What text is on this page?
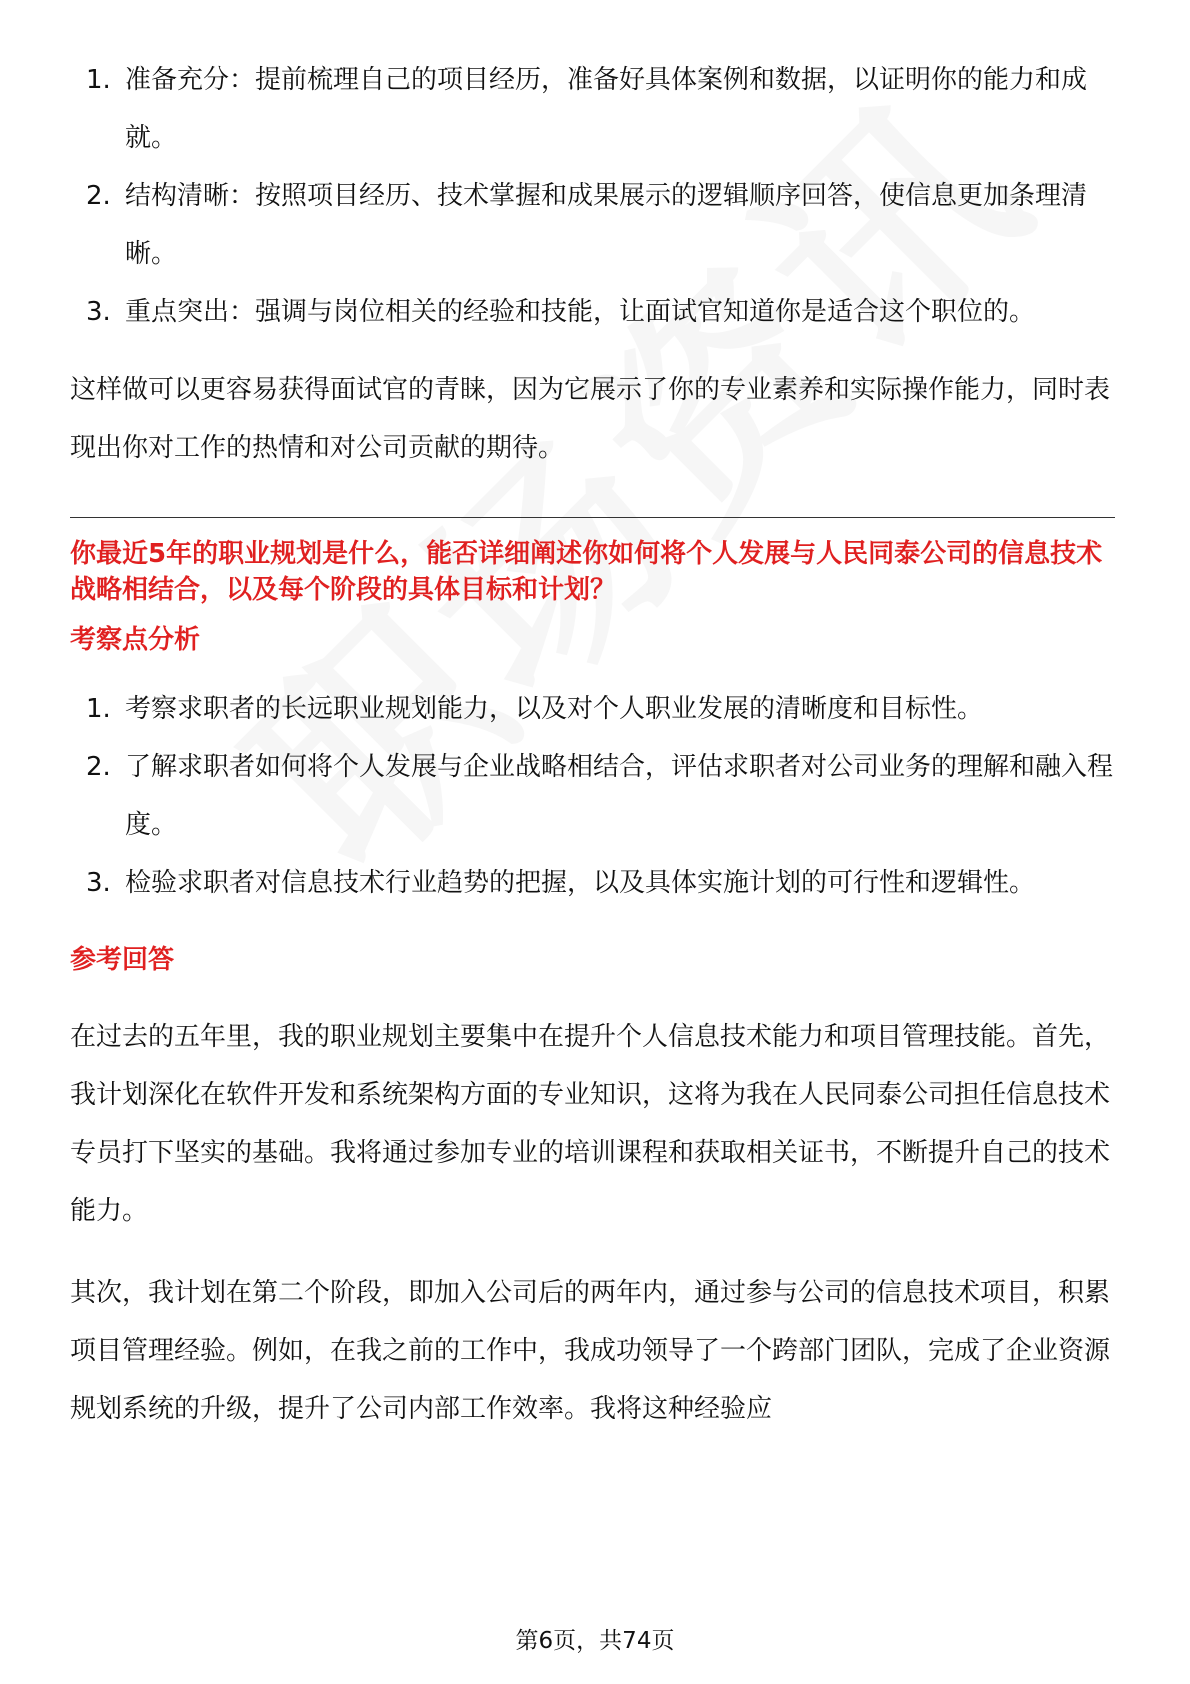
1. 准备充分：提前梳理自己的项目经历，准备好具体案例和数据，以证明你的能力和成就。
2. 结构清晰：按照项目经历、技术掌握和成果展示的逻辑顺序回答，使信息更加条理清晰。
3. 重点突出：强调与岗位相关的经验和技能，让面试官知道你是适合这个职位的。

这样做可以更容易获得面试官的青睐，因为它展示了你的专业素养和实际操作能力，同时表现出你对工作的热情和对公司贡献的期待。

你最近5年的职业规划是什么，能否详细阐述你如何将个人发展与人民同泰公司的信息技术战略相结合，以及每个阶段的具体目标和计划？

考察点分析

1. 考察求职者的长远职业规划能力，以及对个人职业发展的清晰度和目标性。
2. 了解求职者如何将个人发展与企业战略相结合，评估求职者对公司业务的理解和融入程度。
3. 检验求职者对信息技术行业趋势的把握，以及具体实施计划的可行性和逻辑性。

参考回答

在过去的五年里，我的职业规划主要集中在提升个人信息技术能力和项目管理技能。首先，我计划深化在软件开发和系统架构方面的专业知识，这将为我在人民同泰公司担任信息技术专员打下坚实的基础。我将通过参加专业的培训课程和获取相关证书，不断提升自己的技术能力。

其次，我计划在第二个阶段，即加入公司后的两年内，通过参与公司的信息技术项目，积累项目管理经验。例如，在我之前的工作中，我成功领导了一个跨部门团队，完成了企业资源规划系统的升级，提升了公司内部工作效率。我将这种经验应

第6页，共74页
